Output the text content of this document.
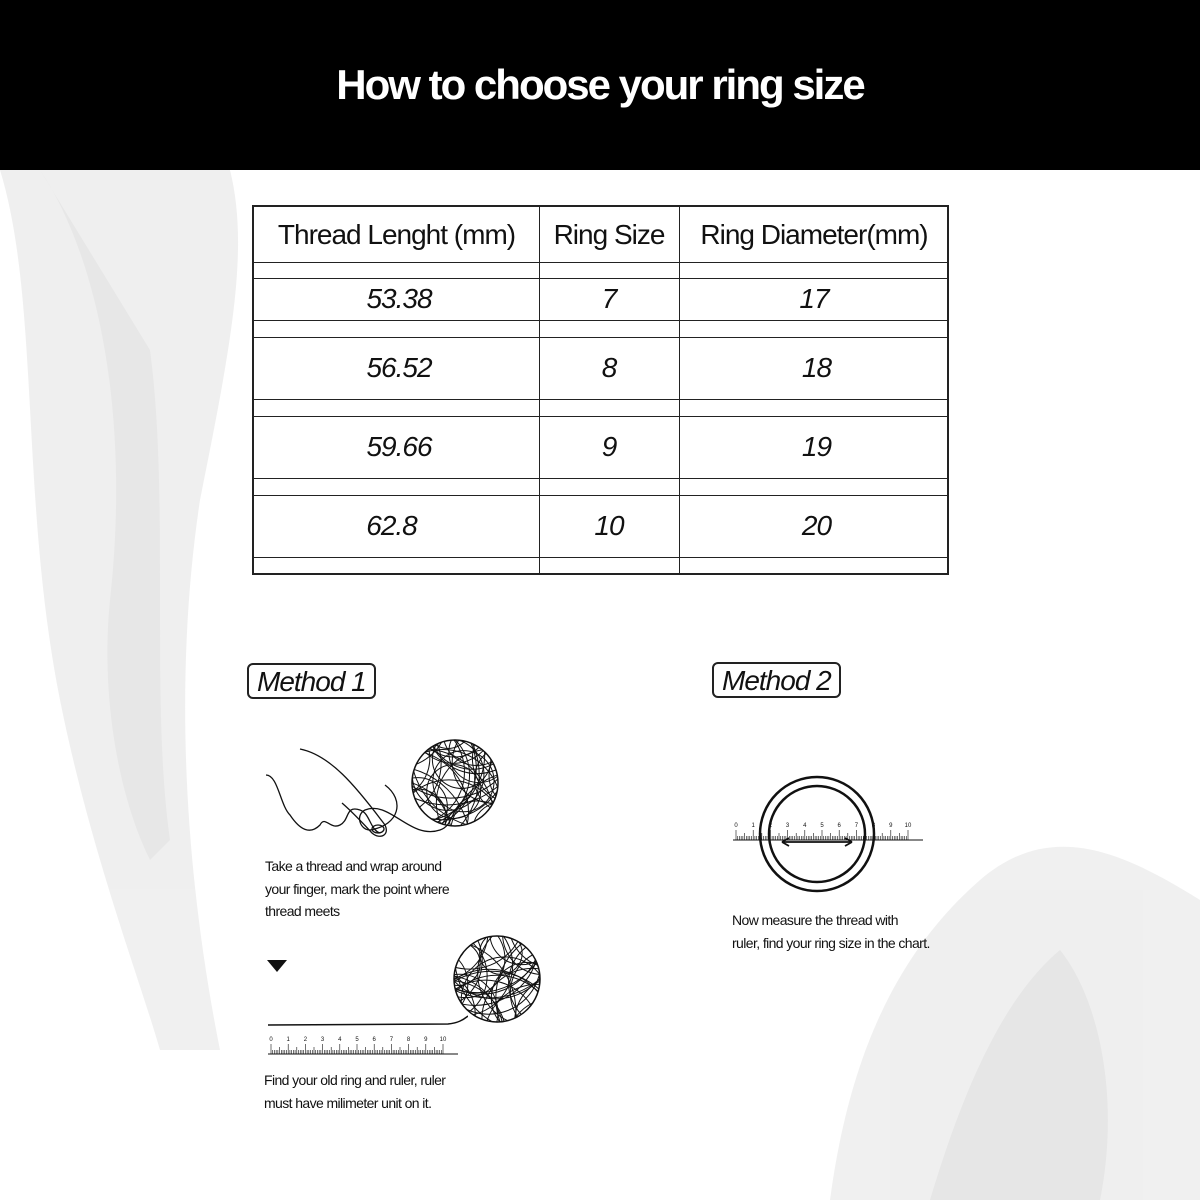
How to choose your ring size
Thread Lenght (mm)	Ring Size	Ring Diameter(mm)
53.38	7	17
56.52	8	18
59.66	9	19
62.8	10	20
Method 1	Method 2
Take a thread and wrap around
your finger, mark the point where
thread meets
0 1 2 3 4 5 6 7 8 9 10
Find your old ring and ruler, ruler
must have milimeter unit on it.
0 1 2 3 4 5 6 7 8 9 10
Now measure the thread with
ruler, find your ring size in the chart.
